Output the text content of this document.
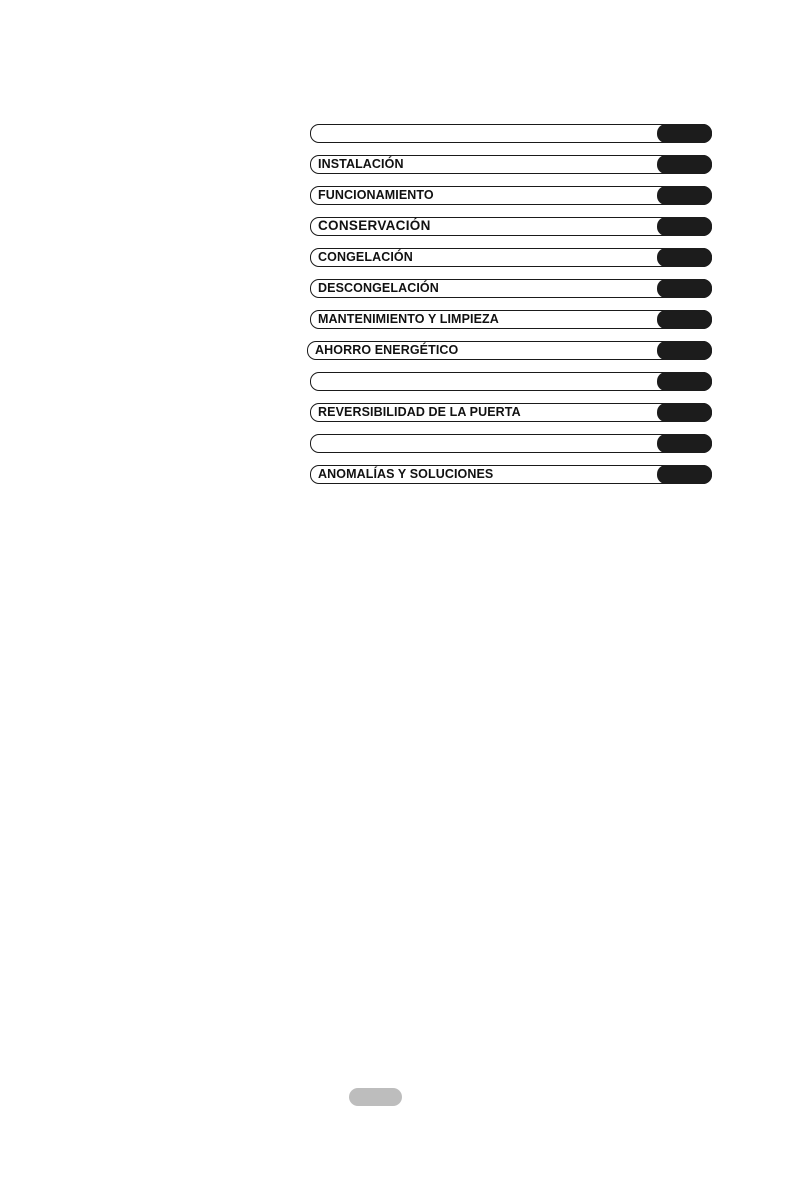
INSTALACIÓN
FUNCIONAMIENTO
CONSERVACIÓN
CONGELACIÓN
DESCONGELACIÓN
MANTENIMIENTO Y LIMPIEZA
AHORRO ENERGÉTICO
REVERSIBILIDAD DE LA PUERTA
ANOMALÍAS Y SOLUCIONES
